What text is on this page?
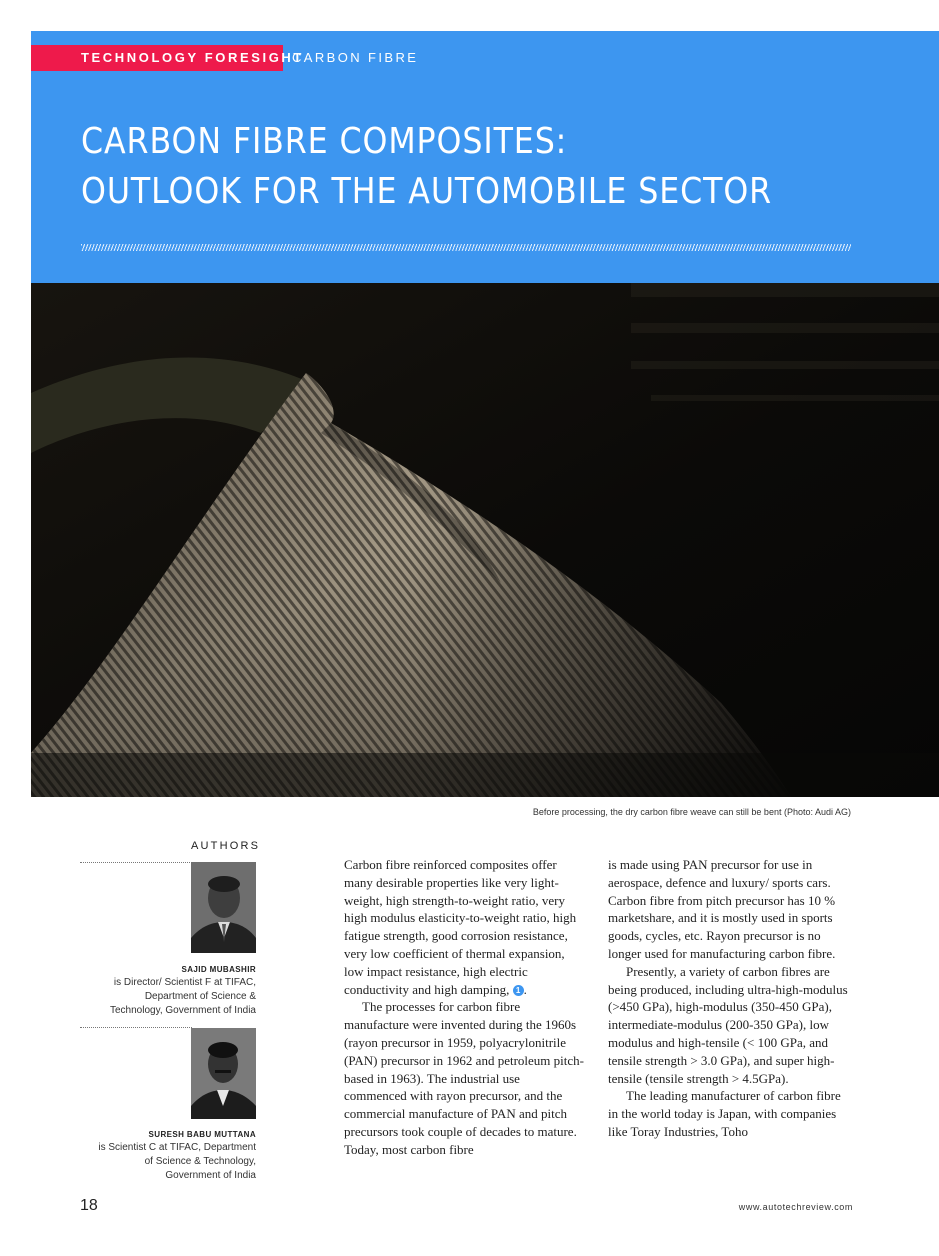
TECHNOLOGY FORESIGHT
CARBON FIBRE
CARBON FIBRE COMPOSITES:
OUTLOOK FOR THE AUTOMOBILE SECTOR
Before processing, the dry carbon fibre weave can still be bent (Photo: Audi AG)
AUTHORS
SAJID MUBASHIR
is Director/ Scientist F at TIFAC,
Department of Science &
Technology, Government of India
SURESH BABU MUTTANA
is Scientist C at TIFAC, Department
of Science & Technology,
Government of India

Carbon fibre reinforced composites offer many desirable properties like very light-weight, high strength-to-weight ratio, very high modulus elasticity-to-weight ratio, high fatigue strength, good corrosion resistance, very low coefficient of thermal expansion, low impact resistance, high electric conductivity and high damping, 1 .

The processes for carbon fibre manufacture were invented during the 1960s (rayon precursor in 1959, polyacrylonitrile (PAN) precursor in 1962 and petroleum pitch-based in 1963). The industrial use commenced with rayon precursor, and the commercial manufacture of PAN and pitch precursors took couple of decades to mature. Today, most carbon fibre

is made using PAN precursor for use in aerospace, defence and luxury/ sports cars. Carbon fibre from pitch precursor has 10 % marketshare, and it is mostly used in sports goods, cycles, etc. Rayon precursor is no longer used for manufacturing carbon fibre.

Presently, a variety of carbon fibres are being produced, including ultra-high-modulus (>450 GPa), high-modulus (350-450 GPa), intermediate-modulus (200-350 GPa), low modulus and high-tensile (< 100 GPa, and tensile strength > 3.0 GPa), and super high-tensile (tensile strength > 4.5GPa).

The leading manufacturer of carbon fibre in the world today is Japan, with companies like Toray Industries, Toho

18	www.autotechreview.com
